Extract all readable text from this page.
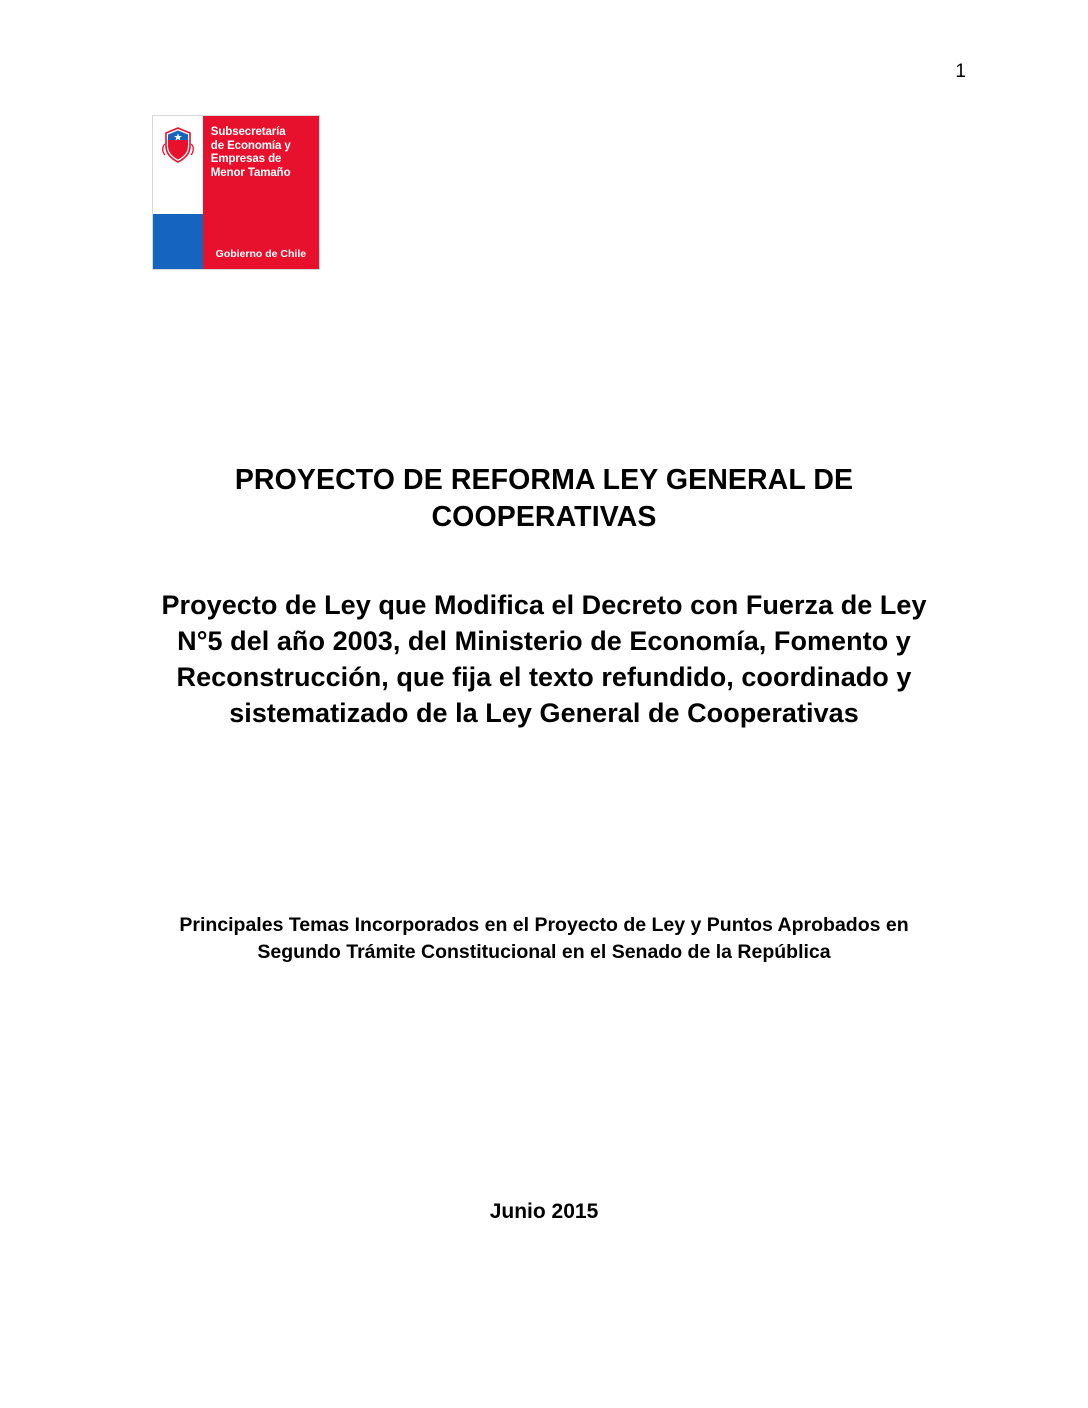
1
Subsecretaría
de Economía y
Empresas de
Menor Tamaño
Gobierno de Chile
PROYECTO DE REFORMA LEY GENERAL DE COOPERATIVAS
Proyecto de Ley que Modifica el Decreto con Fuerza de Ley N°5 del año 2003, del Ministerio de Economía, Fomento y Reconstrucción, que fija el texto refundido, coordinado y sistematizado de la Ley General de Cooperativas

Principales Temas Incorporados en el Proyecto de Ley y Puntos Aprobados en Segundo Trámite Constitucional en el Senado de la República

Junio 2015
